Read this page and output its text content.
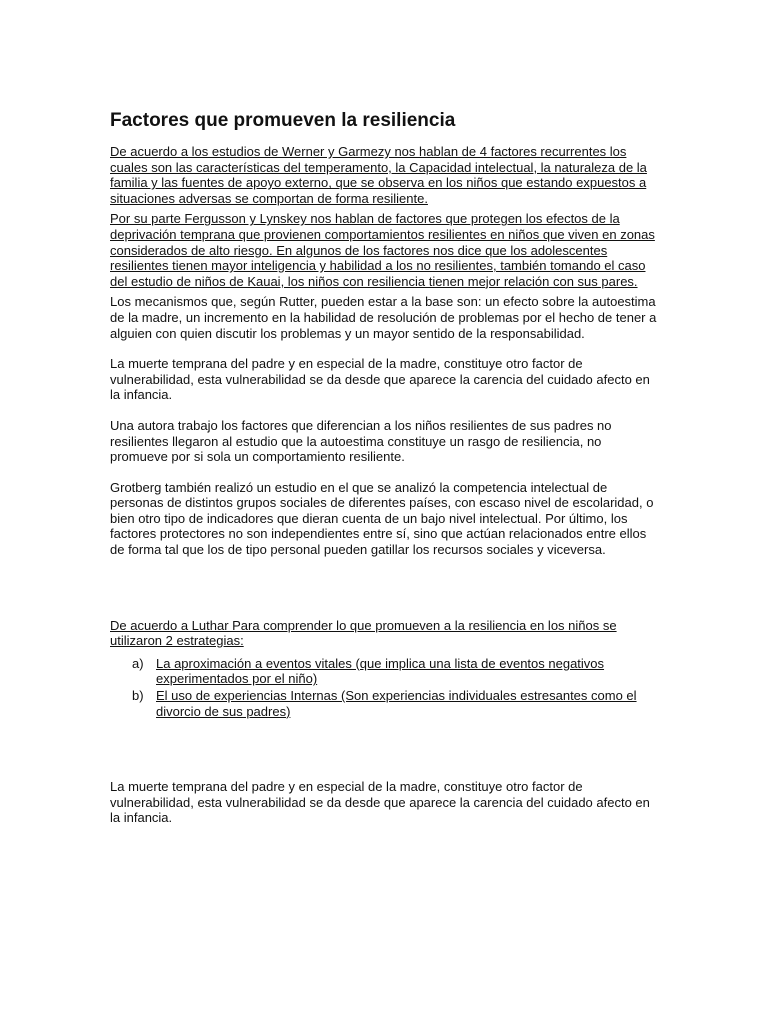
Factores que promueven la resiliencia

De acuerdo a los estudios de Werner y Garmezy nos hablan de 4 factores recurrentes los cuales son las características del temperamento, la Capacidad intelectual, la naturaleza de la familia y las fuentes de apoyo externo, que se observa en los niños que estando expuestos a situaciones adversas se comportan de forma resiliente.

Por su parte Fergusson y Lynskey nos hablan de factores que protegen los efectos de la deprivación temprana que provienen comportamientos resilientes en niños que viven en zonas considerados de alto riesgo. En algunos de los factores nos dice que los adolescentes resilientes tienen mayor inteligencia y habilidad a los no resilientes, también tomando el caso del estudio de niños de Kauai, los niños con resiliencia tienen mejor relación con sus pares.

Los mecanismos que, según Rutter, pueden estar a la base son: un efecto sobre la autoestima de la madre, un incremento en la habilidad de resolución de problemas por el hecho de tener a alguien con quien discutir los problemas y un mayor sentido de la responsabilidad.

La muerte temprana del padre y en especial de la madre, constituye otro factor de vulnerabilidad, esta vulnerabilidad se da desde que aparece la carencia del cuidado afecto en la infancia.

Una autora trabajo los factores que diferencian a los niños resilientes de sus padres no resilientes llegaron al estudio que la autoestima constituye un rasgo de resiliencia, no promueve por si sola un comportamiento resiliente.

Grotberg también realizó un estudio en el que se analizó la competencia intelectual de personas de distintos grupos sociales de diferentes países, con escaso nivel de escolaridad, o bien otro tipo de indicadores que dieran cuenta de un bajo nivel intelectual. Por último, los factores protectores no son independientes entre sí, sino que actúan relacionados entre ellos de forma tal que los de tipo personal pueden gatillar los recursos sociales y viceversa.

De acuerdo a Luthar Para comprender lo que promueven a la resiliencia en los niños se utilizaron 2 estrategias:

a) La aproximación a eventos vitales (que implica una lista de eventos negativos experimentados por el niño)
b) El uso de experiencias Internas (Son experiencias individuales estresantes como el divorcio de sus padres)

La muerte temprana del padre y en especial de la madre, constituye otro factor de vulnerabilidad, esta vulnerabilidad se da desde que aparece la carencia del cuidado afecto en la infancia.
